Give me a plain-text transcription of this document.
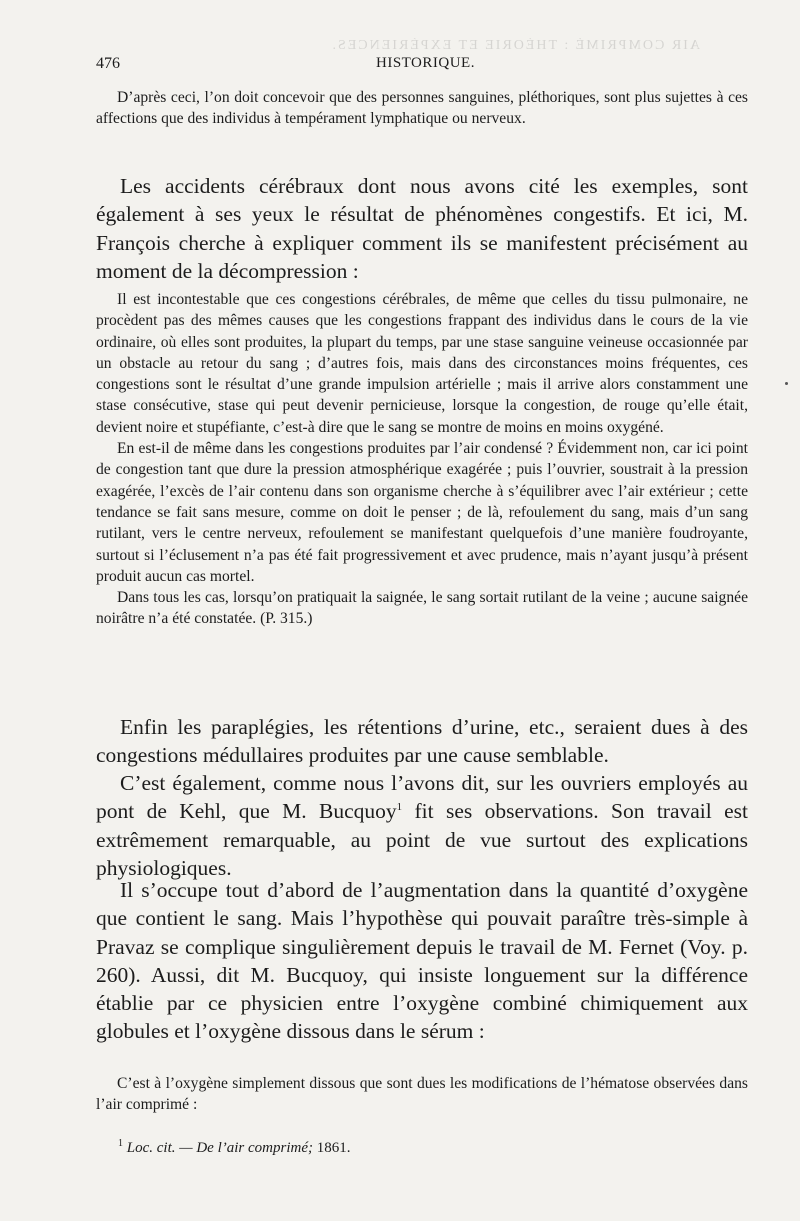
AIR COMPRIMÉ : THÉORIE ET EXPÉRIENCES.
476	HISTORIQUE.

D’après ceci, l’on doit concevoir que des personnes sanguines, pléthoriques, sont plus sujettes à ces affections que des individus à tempérament lymphatique ou nerveux.

Les accidents cérébraux dont nous avons cité les exemples, sont également à ses yeux le résultat de phénomènes congestifs. Et ici, M. François cherche à expliquer comment ils se manifestent précisément au moment de la décompression :

Il est incontestable que ces congestions cérébrales, de même que celles du tissu pulmonaire, ne procèdent pas des mêmes causes que les congestions frappant des individus dans le cours de la vie ordinaire, où elles sont produites, la plupart du temps, par une stase sanguine veineuse occasionnée par un obstacle au retour du sang ; d’autres fois, mais dans des circonstances moins fréquentes, ces congestions sont le résultat d’une grande impulsion artérielle ; mais il arrive alors constamment une stase consécutive, stase qui peut devenir pernicieuse, lorsque la congestion, de rouge qu’elle était, devient noire et stupéfiante, c’est-à dire que le sang se montre de moins en moins oxygéné.

En est-il de même dans les congestions produites par l’air condensé ? Évidemment non, car ici point de congestion tant que dure la pression atmosphérique exagérée ; puis l’ouvrier, soustrait à la pression exagérée, l’excès de l’air contenu dans son organisme cherche à s’équilibrer avec l’air extérieur ; cette tendance se fait sans mesure, comme on doit le penser ; de là, refoulement du sang, mais d’un sang rutilant, vers le centre nerveux, refoulement se manifestant quelquefois d’une manière foudroyante, surtout si l’éclusement n’a pas été fait progressivement et avec prudence, mais n’ayant jusqu’à présent produit aucun cas mortel.

Dans tous les cas, lorsqu’on pratiquait la saignée, le sang sortait rutilant de la veine ; aucune saignée noirâtre n’a été constatée. (P. 315.)

Enfin les paraplégies, les rétentions d’urine, etc., seraient dues à des congestions médullaires produites par une cause semblable.

C’est également, comme nous l’avons dit, sur les ouvriers employés au pont de Kehl, que M. Bucquoy$^1$ fit ses observations. Son travail est extrêmement remarquable, au point de vue surtout des explications physiologiques.

Il s’occupe tout d’abord de l’augmentation dans la quantité d’oxygène que contient le sang. Mais l’hypothèse qui pouvait paraître très-simple à Pravaz se complique singulièrement depuis le travail de M. Fernet (Voy. p. 260). Aussi, dit M. Bucquoy, qui insiste longuement sur la différence établie par ce physicien entre l’oxygène combiné chimiquement aux globules et l’oxygène dissous dans le sérum :

C’est à l’oxygène simplement dissous que sont dues les modifications de l’hématose observées dans l’air comprimé :

$^1$ Loc. cit. — De l’air comprimé; 1861.
